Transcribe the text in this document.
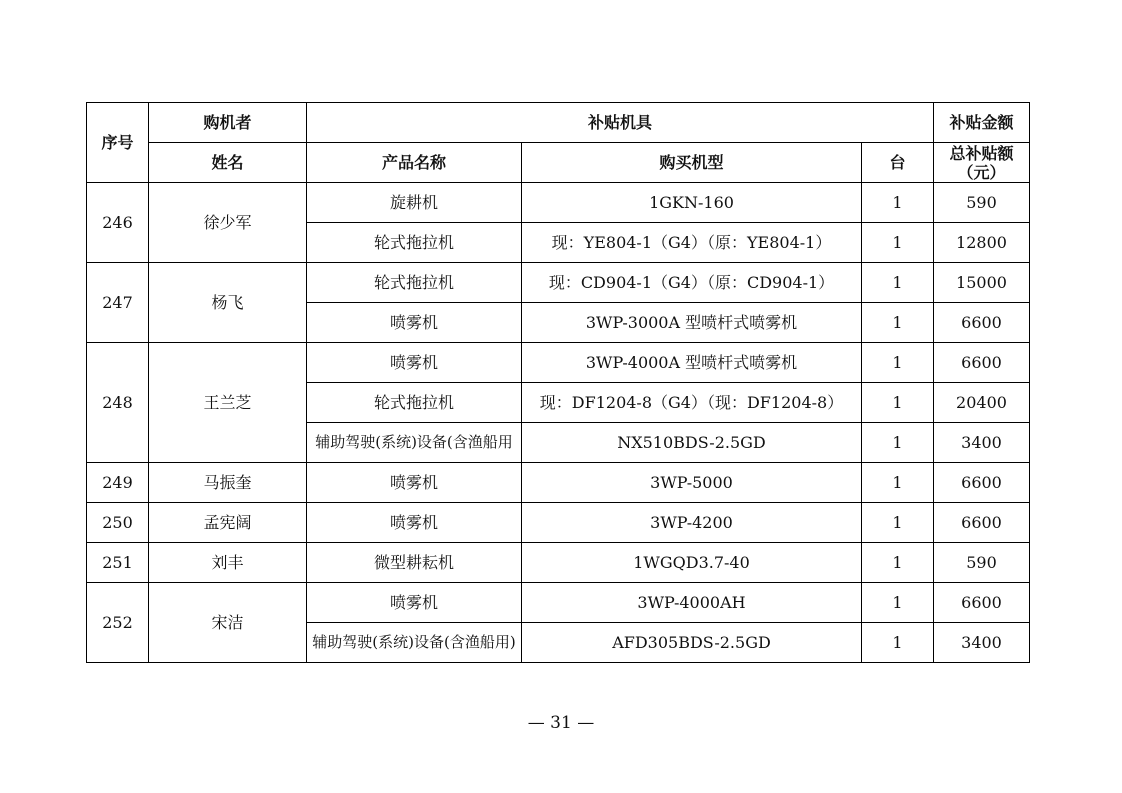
序号	购机者	补贴机具			补贴金额
	姓名	产品名称	购买机型	台	总补贴额（元）
246	徐少军	旋耕机	1GKN-160	1	590
		轮式拖拉机	现：YE804-1（G4）（原：YE804-1）	1	12800
247	杨飞	轮式拖拉机	现：CD904-1（G4）（原：CD904-1）	1	15000
		喷雾机	3WP-3000A 型喷杆式喷雾机	1	6600
248	王兰芝	喷雾机	3WP-4000A 型喷杆式喷雾机	1	6600
		轮式拖拉机	现：DF1204-8（G4）（现：DF1204-8）	1	20400
		辅助驾驶(系统)设备(含渔船用	NX510BDS-2.5GD	1	3400
249	马振奎	喷雾机	3WP-5000	1	6600
250	孟宪阔	喷雾机	3WP-4200	1	6600
251	刘丰	微型耕耘机	1WGQD3.7-40	1	590
252	宋洁	喷雾机	3WP-4000AH	1	6600
		辅助驾驶(系统)设备(含渔船用)	AFD305BDS-2.5GD	1	3400
— 31 —
